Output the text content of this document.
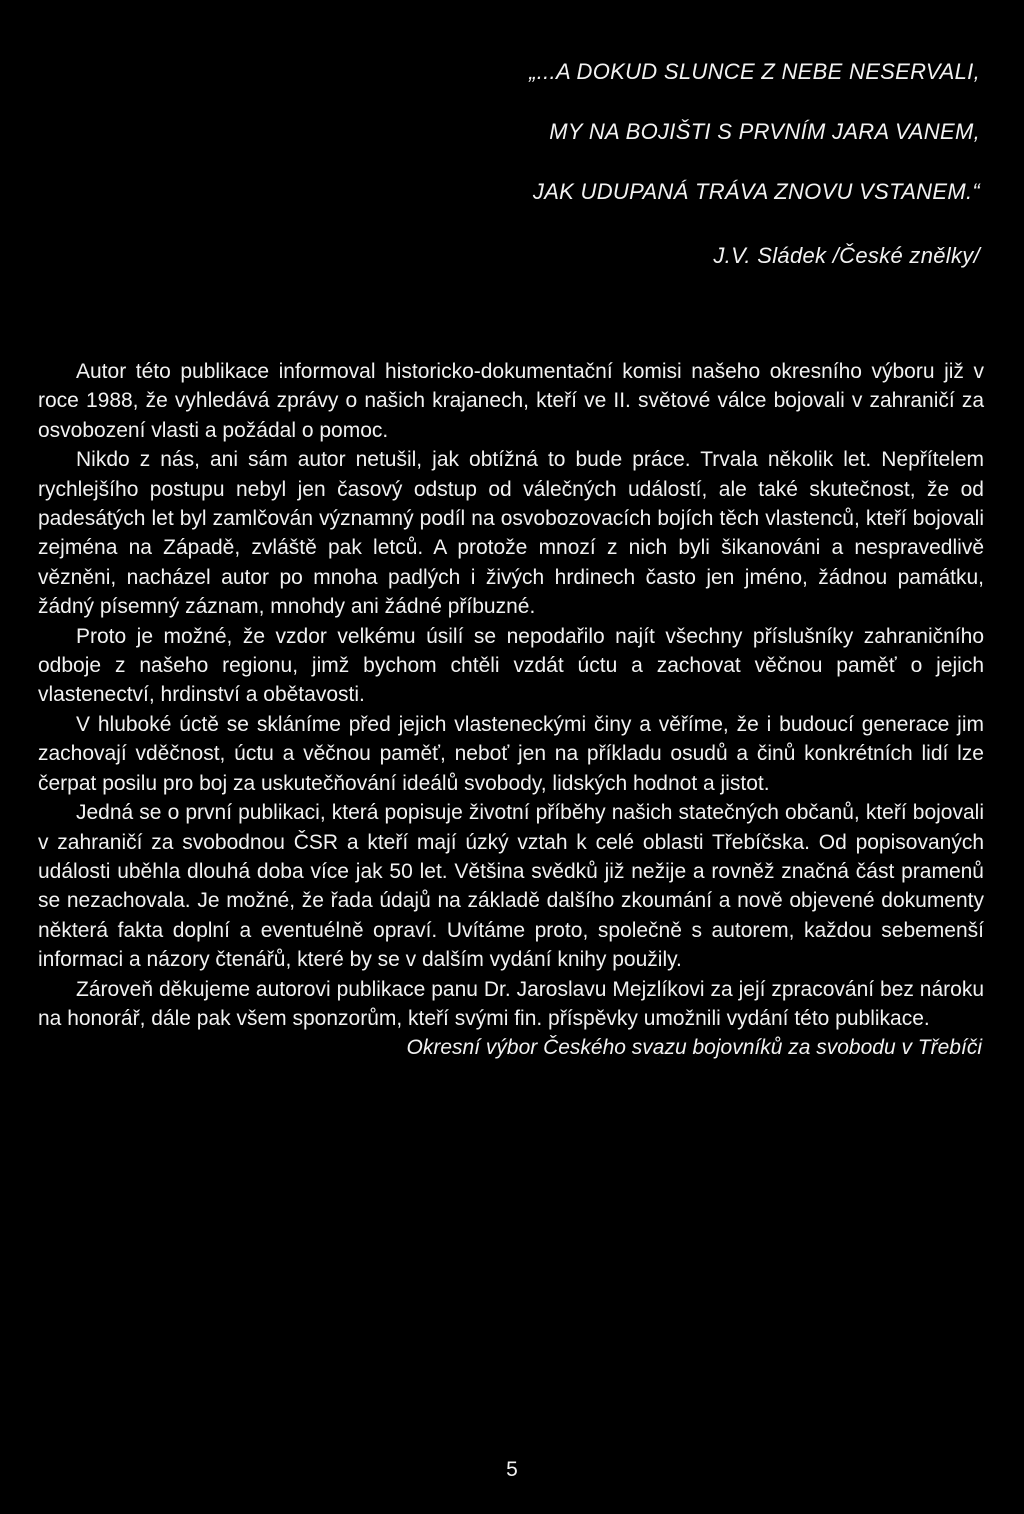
„...A DOKUD SLUNCE Z NEBE NESERVALI,
MY NA BOJIŠTI S PRVNÍM JARA VANEM,
JAK UDUPANÁ TRÁVA ZNOVU VSTANEM.“
J.V. Sládek /České znělky/

Autor této publikace informoval historicko-dokumentační komisi našeho okresního výboru již v roce 1988, že vyhledává zprávy o našich krajanech, kteří ve II. světové válce bojovali v zahraničí za osvobození vlasti a požádal o pomoc.

Nikdo z nás, ani sám autor netušil, jak obtížná to bude práce. Trvala několik let. Nepřítelem rychlejšího postupu nebyl jen časový odstup od válečných událostí, ale také skutečnost, že od padesátých let byl zamlčován významný podíl na osvobozovacích bojích těch vlastenců, kteří bojovali zejména na Západě, zvláště pak letců. A protože mnozí z nich byli šikanováni a nespravedlivě vězněni, nacházel autor po mnoha padlých i živých hrdinech často jen jméno, žádnou památku, žádný písemný záznam, mnohdy ani žádné příbuzné.

Proto je možné, že vzdor velkému úsilí se nepodařilo najít všechny příslušníky zahraničního odboje z našeho regionu, jimž bychom chtěli vzdát úctu a zachovat věčnou paměť o jejich vlastenectví, hrdinství a obětavosti.

V hluboké úctě se skláníme před jejich vlasteneckými činy a věříme, že i budoucí generace jim zachovají vděčnost, úctu a věčnou paměť, neboť jen na příkladu osudů a činů konkrétních lidí lze čerpat posilu pro boj za uskutečňování ideálů svobody, lidských hodnot a jistot.

Jedná se o první publikaci, která popisuje životní příběhy našich statečných občanů, kteří bojovali v zahraničí za svobodnou ČSR a kteří mají úzký vztah k celé oblasti Třebíčska. Od popisovaných události uběhla dlouhá doba více jak 50 let. Většina svědků již nežije a rovněž značná část pramenů se nezachovala. Je možné, že řada údajů na základě dalšího zkoumání a nově objevené dokumenty některá fakta doplní a eventuélně opraví. Uvítáme proto, společně s autorem, každou sebemenší informaci a názory čtenářů, které by se v dalším vydání knihy použily.

Zároveň děkujeme autorovi publikace panu Dr. Jaroslavu Mejzlíkovi za její zpracování bez nároku na honorář, dále pak všem sponzorům, kteří svými fin. příspěvky umožnili vydání této publikace.

Okresní výbor Českého svazu bojovníků za svobodu v Třebíči

5
